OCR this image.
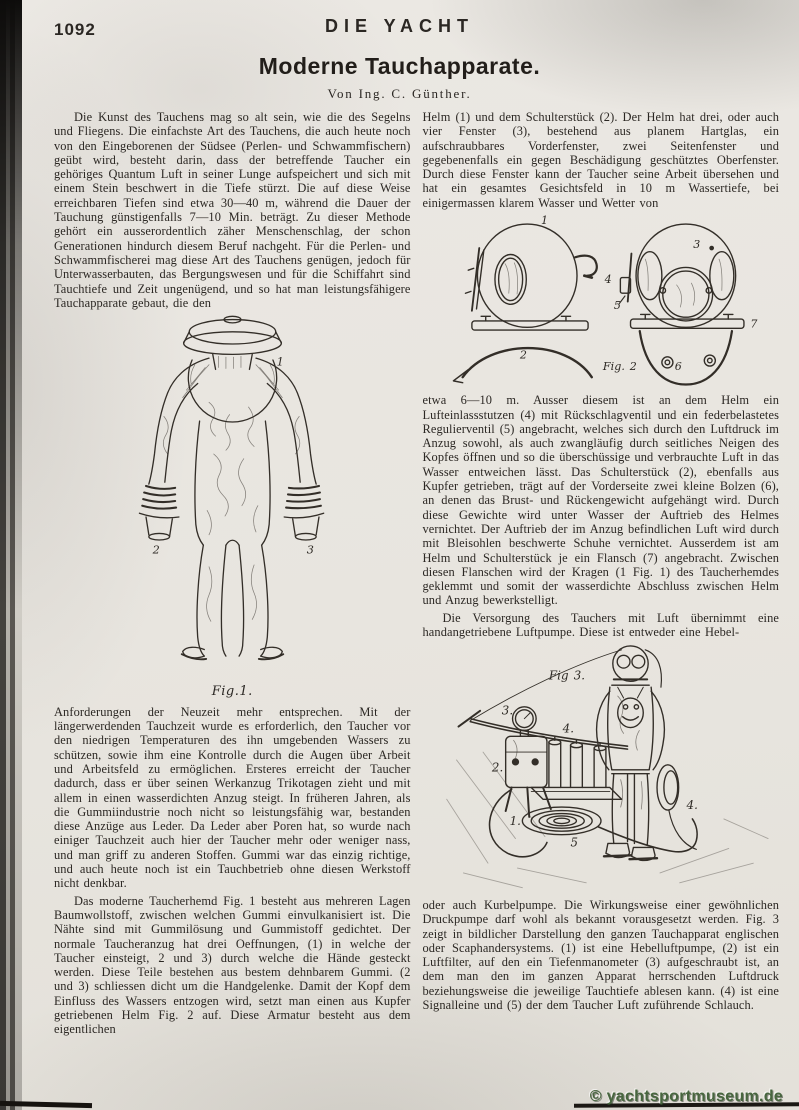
1092	DIE YACHT
Moderne Tauchapparate.
Von Ing. C. Günther.

Die Kunst des Tauchens mag so alt sein, wie die des Segelns und Fliegens. Die einfachste Art des Tauchens, die auch heute noch von den Eingeborenen der Südsee (Perlen- und Schwammfischern) geübt wird, besteht darin, dass der betreffende Taucher ein gehöriges Quantum Luft in seiner Lunge aufspeichert und sich mit einem Stein beschwert in die Tiefe stürzt. Die auf diese Weise erreichbaren Tiefen sind etwa 30—40 m, während die Dauer der Tauchung günstigenfalls 7—10 Min. beträgt. Zu dieser Methode gehört ein ausserordentlich zäher Menschenschlag, der schon Generationen hindurch diesem Beruf nachgeht. Für die Perlen- und Schwammfischerei mag diese Art des Tauchens genügen, jedoch für Unterwasserbauten, das Bergungswesen und für die Schiffahrt sind Tauchtiefe und Zeit ungenügend, und so hat man leistungsfähigere Tauchapparate gebaut, die den

1
2	3
Fig.1.

Anforderungen der Neuzeit mehr entsprechen. Mit der längerwerdenden Tauchzeit wurde es erforderlich, den Taucher vor den niedrigen Temperaturen des ihn umgebenden Wassers zu schützen, sowie ihm eine Kontrolle durch die Augen über Arbeit und Arbeitsfeld zu ermöglichen. Ersteres erreicht der Taucher dadurch, dass er über seinen Werkanzug Trikotagen zieht und mit allem in einen wasserdichten Anzug steigt. In früheren Jahren, als die Gummiindustrie noch nicht so leistungsfähig war, bestanden diese Anzüge aus Leder. Da Leder aber Poren hat, so wurde nach einiger Tauchzeit auch hier der Taucher mehr oder weniger nass, und man griff zu anderen Stoffen. Gummi war das einzig richtige, und auch heute noch ist ein Tauchbetrieb ohne diesen Werkstoff nicht denkbar.

Das moderne Taucherhemd Fig. 1 besteht aus mehreren Lagen Baumwollstoff, zwischen welchen Gummi einvulkanisiert ist. Die Nähte sind mit Gummilösung und Gummistoff gedichtet. Der normale Taucheranzug hat drei Oeffnungen, (1) in welche der Taucher einsteigt, 2 und 3) durch welche die Hände gesteckt werden. Diese Teile bestehen aus bestem dehnbarem Gummi. (2 und 3) schliessen dicht um die Handgelenke. Damit der Kopf dem Einfluss des Wassers entzogen wird, setzt man einen aus Kupfer getriebenen Helm Fig. 2 auf. Diese Armatur besteht aus dem eigentlichen

Helm (1) und dem Schulterstück (2). Der Helm hat drei, oder auch vier Fenster (3), bestehend aus planem Hartglas, ein aufschraubbares Vorderfenster, zwei Seitenfenster und gegebenenfalls ein gegen Beschädigung geschütztes Oberfenster. Durch diese Fenster kann der Taucher seine Arbeit übersehen und hat ein gesamtes Gesichtsfeld in 10 m Wassertiefe, bei einigermassen klarem Wasser und Wetter von

1
4
2
3
5
6
7
Fig. 2

etwa 6—10 m. Ausser diesem ist an dem Helm ein Lufteinlassstutzen (4) mit Rückschlagventil und ein federbelastetes Regulierventil (5) angebracht, welches sich durch den Luftdruck im Anzug sowohl, als auch zwangläufig durch seitliches Neigen des Kopfes öffnen und so die überschüssige und verbrauchte Luft in das Wasser entweichen lässt. Das Schulterstück (2), ebenfalls aus Kupfer getrieben, trägt auf der Vorderseite zwei kleine Bolzen (6), an denen das Brust- und Rückengewicht aufgehängt wird. Durch diese Gewichte wird unter Wasser der Auftrieb des Helmes vernichtet. Der Auftrieb der im Anzug befindlichen Luft wird durch mit Bleisohlen beschwerte Schuhe vernichtet. Ausserdem ist am Helm und Schulterstück je ein Flansch (7) angebracht. Zwischen diesen Flanschen wird der Kragen (1 Fig. 1) des Taucherhemdes geklemmt und somit der wasserdichte Abschluss zwischen Helm und Anzug bewerkstelligt.

Die Versorgung des Tauchers mit Luft übernimmt eine handangetriebene Luftpumpe. Diese ist entweder eine Hebel-

Fig 3.
3.
2.
4.
1.
5
4.

oder auch Kurbelpumpe. Die Wirkungsweise einer gewöhnlichen Druckpumpe darf wohl als bekannt vorausgesetzt werden. Fig. 3 zeigt in bildlicher Darstellung den ganzen Tauchapparat englischen oder Scaphandersystems. (1) ist eine Hebelluftpumpe, (2) ist ein Luftfilter, auf den ein Tiefenmanometer (3) aufgeschraubt ist, an dem man den im ganzen Apparat herrschenden Luftdruck beziehungsweise die jeweilige Tauchtiefe ablesen kann. (4) ist eine Signalleine und (5) der dem Taucher Luft zuführende Schlauch.

© yachtsportmuseum.de
